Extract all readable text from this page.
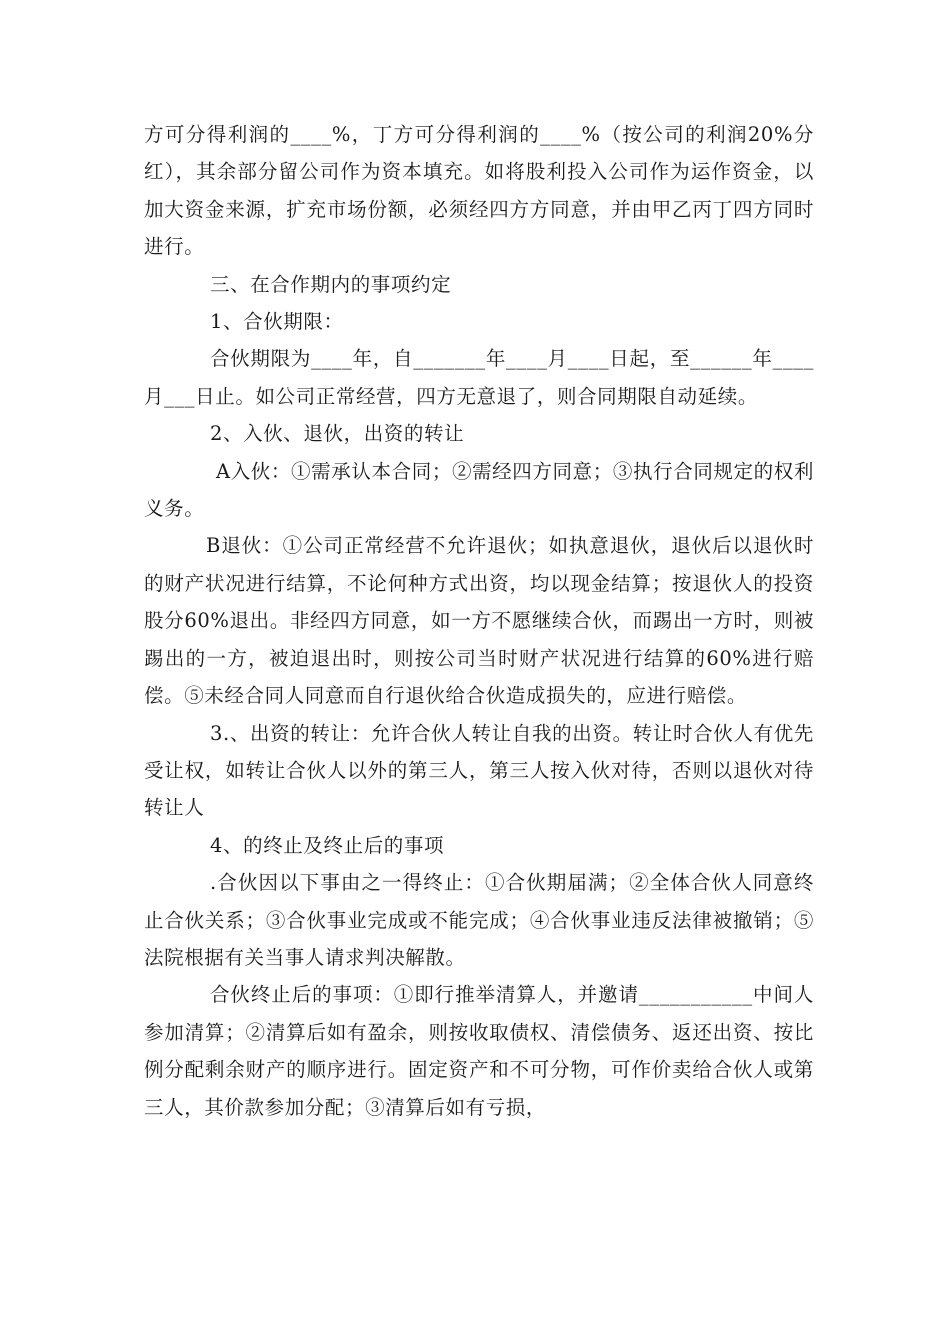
方可分得利润的____%，丁方可分得利润的____%（按公司的利润20%分红），其余部分留公司作为资本填充。如将股利投入公司作为运作资金，以加大资金来源，扩充市场份额，必须经四方方同意，并由甲乙丙丁四方同时进行。

三、在合作期内的事项约定

1、合伙期限：

合伙期限为____年，自_______年____月____日起，至______年____月___日止。如公司正常经营，四方无意退了，则合同期限自动延续。

2、入伙、退伙，出资的转让

A入伙：①需承认本合同；②需经四方同意；③执行合同规定的权利义务。

B退伙：①公司正常经营不允许退伙；如执意退伙，退伙后以退伙时的财产状况进行结算，不论何种方式出资，均以现金结算；按退伙人的投资股分60%退出。非经四方同意，如一方不愿继续合伙，而踢出一方时，则被踢出的一方，被迫退出时，则按公司当时财产状况进行结算的60%进行赔偿。⑤未经合同人同意而自行退伙给合伙造成损失的，应进行赔偿。

3.、出资的转让：允许合伙人转让自我的出资。转让时合伙人有优先受让权，如转让合伙人以外的第三人，第三人按入伙对待，否则以退伙对待转让人

4、的终止及终止后的事项

.合伙因以下事由之一得终止：①合伙期届满；②全体合伙人同意终止合伙关系；③合伙事业完成或不能完成；④合伙事业违反法律被撤销；⑤法院根据有关当事人请求判决解散。

合伙终止后的事项：①即行推举清算人，并邀请___________中间人参加清算；②清算后如有盈余，则按收取债权、清偿债务、返还出资、按比例分配剩余财产的顺序进行。固定资产和不可分物，可作价卖给合伙人或第三人，其价款参加分配；③清算后如有亏损，
